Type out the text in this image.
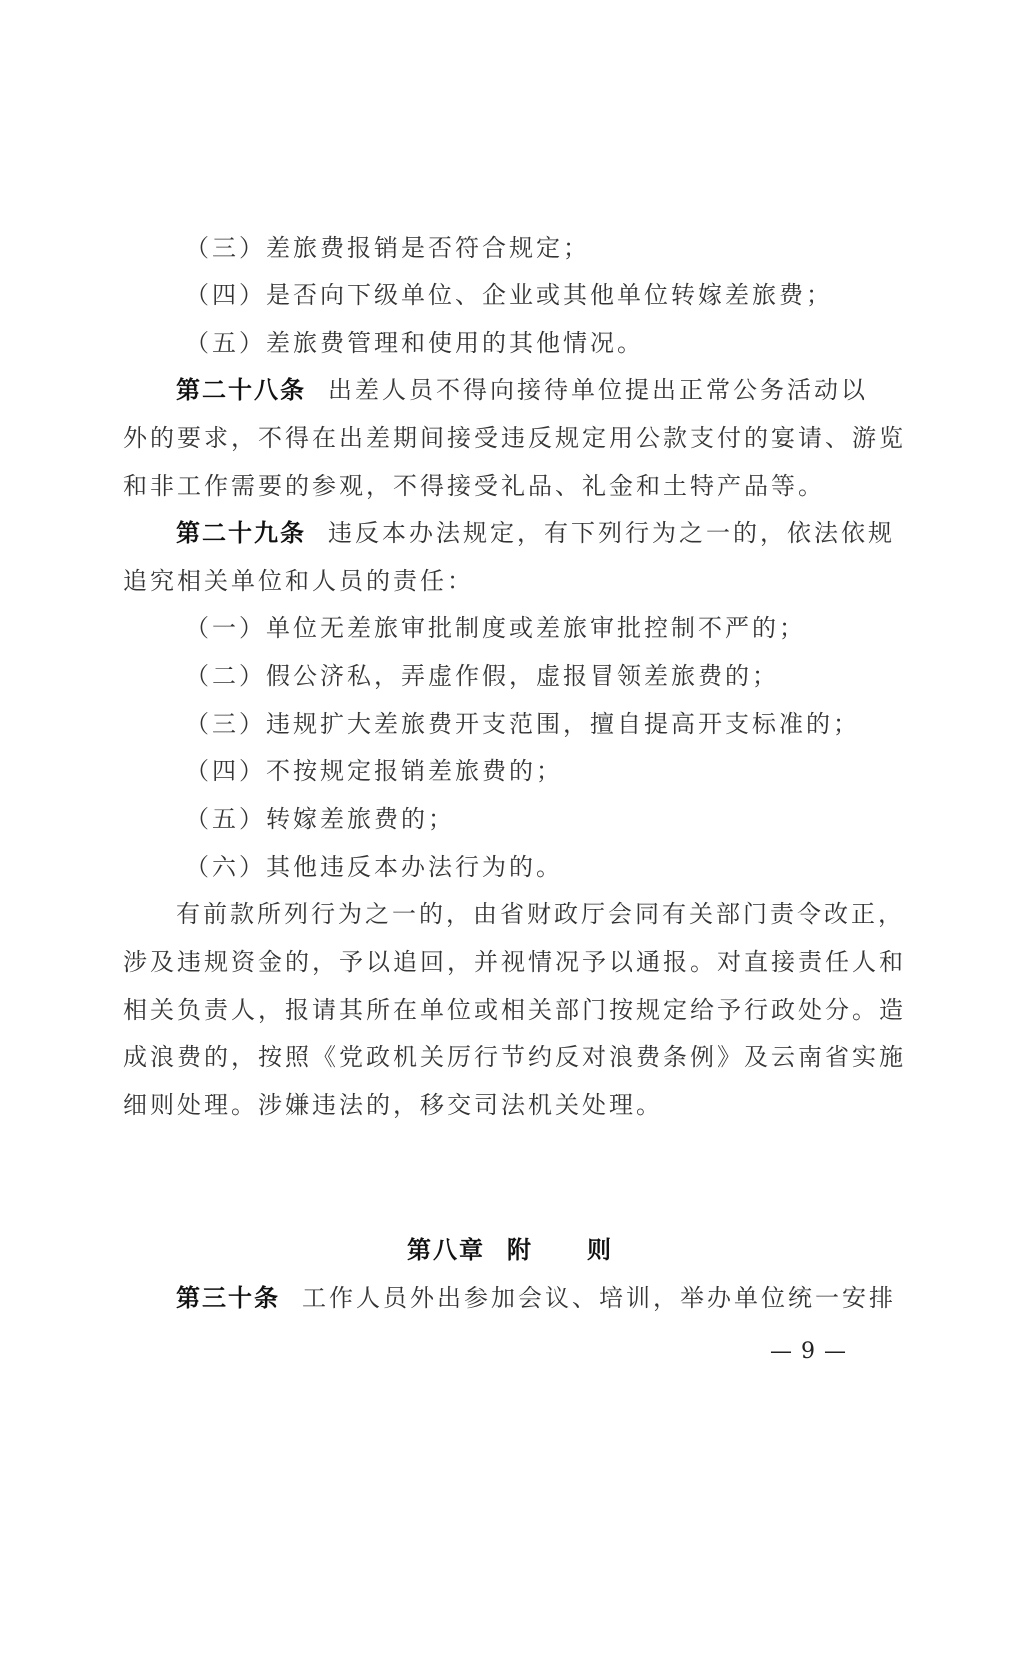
（三）差旅费报销是否符合规定；
（四）是否向下级单位、企业或其他单位转嫁差旅费；
（五）差旅费管理和使用的其他情况。
第二十八条 出差人员不得向接待单位提出正常公务活动以
外的要求，不得在出差期间接受违反规定用公款支付的宴请、游览
和非工作需要的参观，不得接受礼品、礼金和土特产品等。
第二十九条 违反本办法规定，有下列行为之一的，依法依规
追究相关单位和人员的责任：
（一）单位无差旅审批制度或差旅审批控制不严的；
（二）假公济私，弄虚作假，虚报冒领差旅费的；
（三）违规扩大差旅费开支范围，擅自提高开支标准的；
（四）不按规定报销差旅费的；
（五）转嫁差旅费的；
（六）其他违反本办法行为的。
有前款所列行为之一的，由省财政厅会同有关部门责令改正，
涉及违规资金的，予以追回，并视情况予以通报。对直接责任人和
相关负责人，报请其所在单位或相关部门按规定给予行政处分。造
成浪费的，按照《党政机关厉行节约反对浪费条例》及云南省实施
细则处理。涉嫌违法的，移交司法机关处理。
第八章 附 则
第三十条 工作人员外出参加会议、培训，举办单位统一安排
— 9 —
